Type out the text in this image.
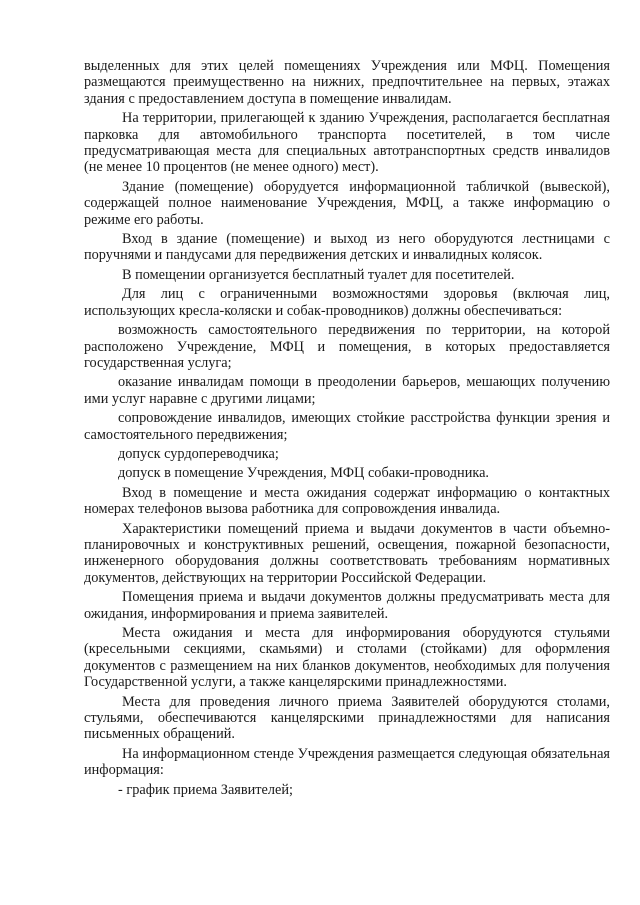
выделенных для этих целей помещениях Учреждения или МФЦ. Помещения размещаются преимущественно на нижних, предпочтительнее на первых, этажах здания с предоставлением доступа в помещение инвалидам.

На территории, прилегающей к зданию Учреждения, располагается бесплатная парковка для автомобильного транспорта посетителей, в том числе предусматривающая места для специальных автотранспортных средств инвалидов (не менее 10 процентов (не менее одного) мест).

Здание (помещение) оборудуется информационной табличкой (вывеской), содержащей полное наименование Учреждения, МФЦ, а также информацию о режиме его работы.

Вход в здание (помещение) и выход из него оборудуются лестницами с поручнями и пандусами для передвижения детских и инвалидных колясок.

В помещении организуется бесплатный туалет для посетителей.

Для лиц с ограниченными возможностями здоровья (включая лиц, использующих кресла-коляски и собак-проводников) должны обеспечиваться:

возможность самостоятельного передвижения по территории, на которой расположено Учреждение, МФЦ и помещения, в которых предоставляется государственная услуга;

оказание инвалидам помощи в преодолении барьеров, мешающих получению ими услуг наравне с другими лицами;

сопровождение инвалидов, имеющих стойкие расстройства функции зрения и самостоятельного передвижения;

допуск сурдопереводчика;

допуск в помещение Учреждения, МФЦ собаки-проводника.

Вход в помещение и места ожидания содержат информацию о контактных номерах телефонов вызова работника для сопровождения инвалида.

Характеристики помещений приема и выдачи документов в части объемно-планировочных и конструктивных решений, освещения, пожарной безопасности, инженерного оборудования должны соответствовать требованиям нормативных документов, действующих на территории Российской Федерации.

Помещения приема и выдачи документов должны предусматривать места для ожидания, информирования и приема заявителей.

Места ожидания и места для информирования оборудуются стульями (кресельными секциями, скамьями) и столами (стойками) для оформления документов с размещением на них бланков документов, необходимых для получения Государственной услуги, а также канцелярскими принадлежностями.

Места для проведения личного приема Заявителей оборудуются столами, стульями, обеспечиваются канцелярскими принадлежностями для написания письменных обращений.

На информационном стенде Учреждения размещается следующая обязательная информация:

- график приема Заявителей;
